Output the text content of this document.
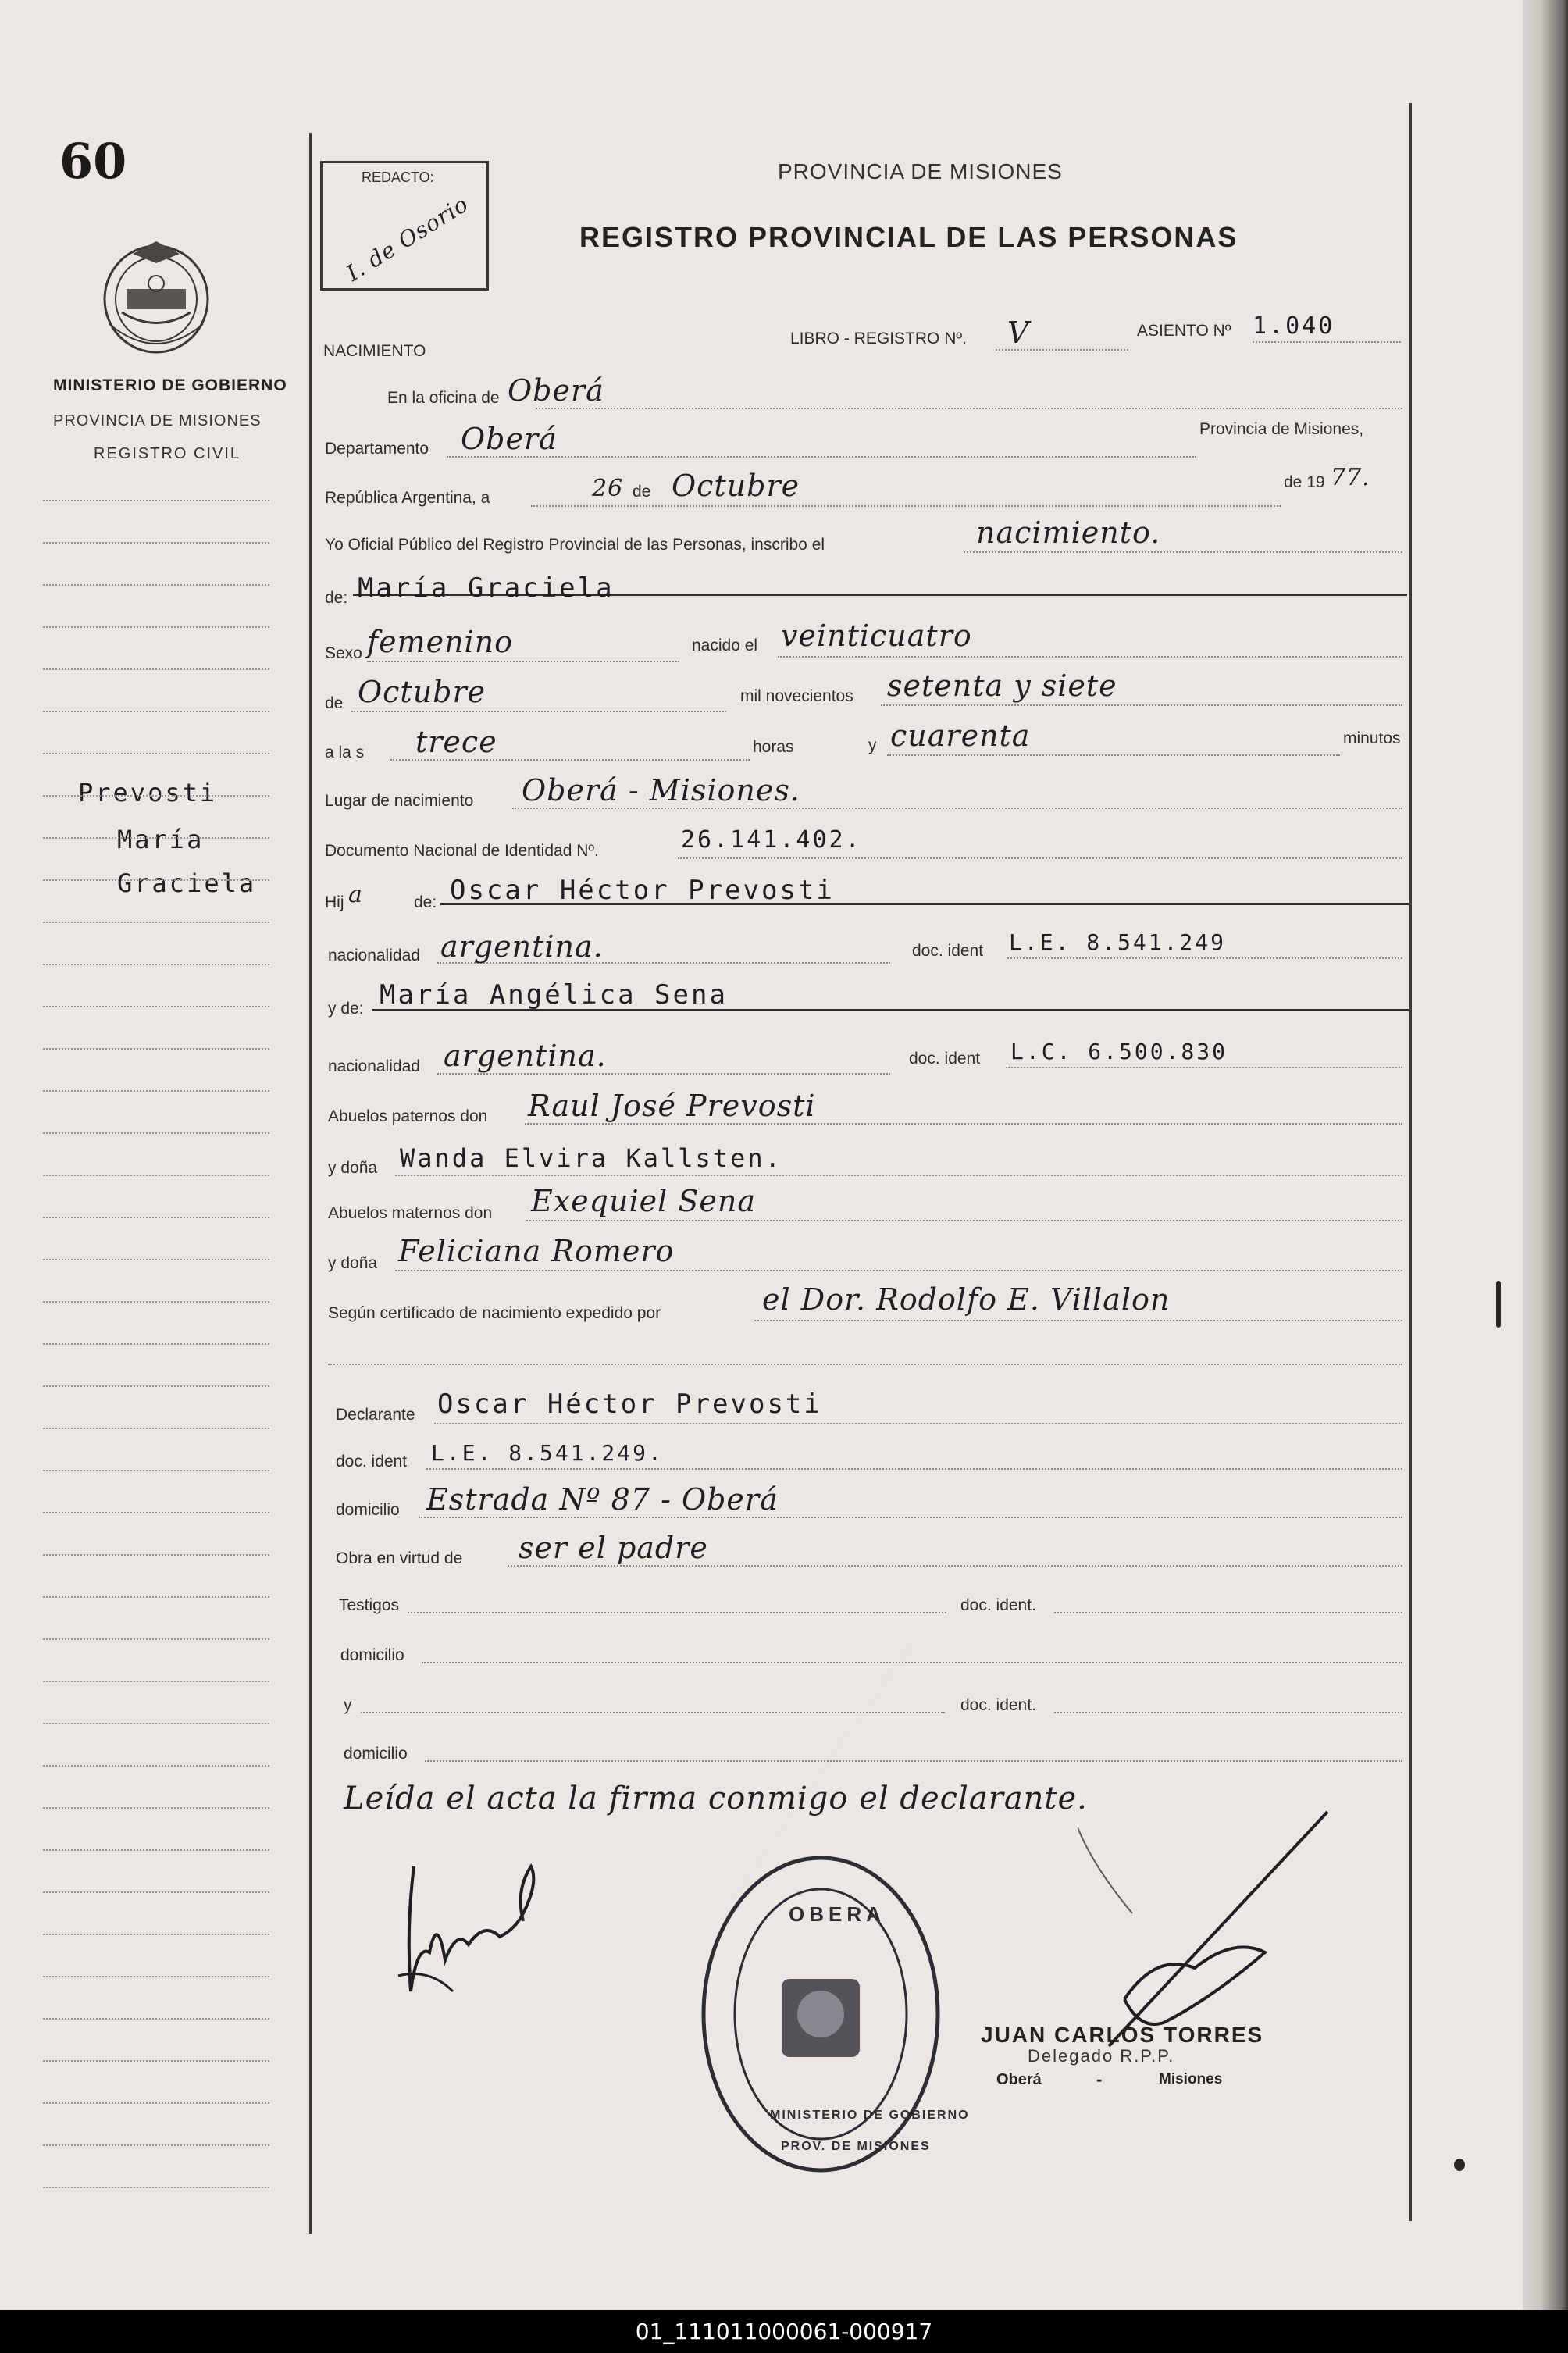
60
MINISTERIO DE GOBIERNO
PROVINCIA DE MISIONES
REGISTRO CIVIL
Prevosti
María
Graciela
REDACTO:
I. de Osorio
PROVINCIA DE MISIONES
REGISTRO PROVINCIAL DE LAS PERSONAS
NACIMIENTO
LIBRO - REGISTRO Nº. V	ASIENTO Nº 1.040
En la oficina de Oberá
Departamento Oberá	Provincia de Misiones,
República Argentina, a	26 de Octubre	de 19 77.
Yo Oficial Público del Registro Provincial de las Personas, inscribo el	nacimiento.
de: María Graciela
Sexo femenino	nacido el veinticuatro
de Octubre	mil novecientos setenta y siete
a la s trece	horas	y cuarenta	minutos
Lugar de nacimiento Oberá - Misiones.
Documento Nacional de Identidad Nº.	26.141.402.
Hij a	de: Oscar Héctor Prevosti
nacionalidad argentina.	doc. ident L.E. 8.541.249
y de: María Angélica Sena
nacionalidad argentina.	doc. ident L.C. 6.500.830
Abuelos paternos don Raul José Prevosti
y doña Wanda Elvira Kallsten.
Abuelos maternos don Exequiel Sena
y doña Feliciana Romero
Según certificado de nacimiento expedido por	el Dor. Rodolfo E. Villalon
Declarante Oscar Héctor Prevosti
doc. ident L.E. 8.541.249.
domicilio Estrada Nº 87 - Oberá
Obra en virtud de ser el padre
Testigos	doc. ident.
domicilio
y	doc. ident.
domicilio
Leída el acta la firma conmigo el declarante.
OBERA
MINISTERIO DE GOBIERNO
PROV. DE MISIONES
JUAN CARLOS TORRES
Delegado R.P.P.
Oberá	-	Misiones
01_111011000061-000917
